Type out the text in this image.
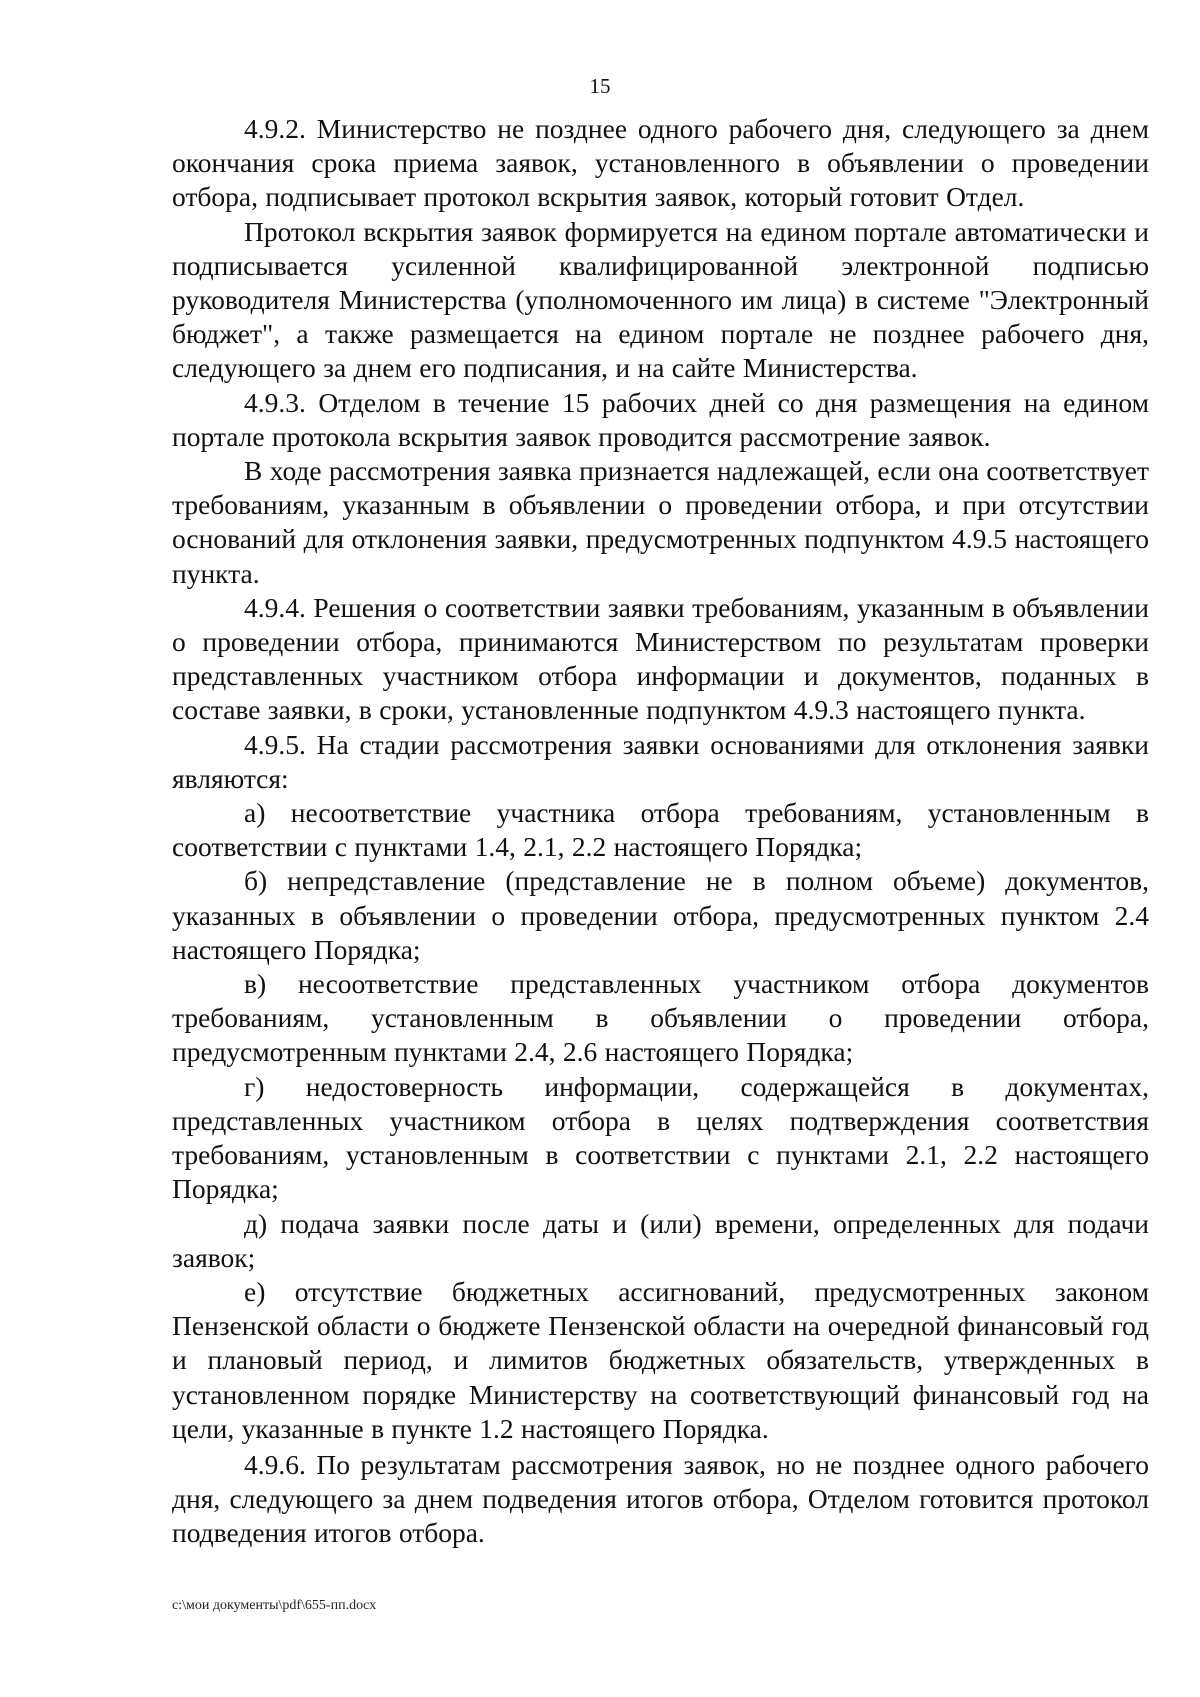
15

4.9.2. Министерство не позднее одного рабочего дня, следующего за днем окончания срока приема заявок, установленного в объявлении о проведении отбора, подписывает протокол вскрытия заявок, который готовит Отдел.

Протокол вскрытия заявок формируется на едином портале автоматически и подписывается усиленной квалифицированной электронной подписью руководителя Министерства (уполномоченного им лица) в системе "Электронный бюджет", а также размещается на едином портале не позднее рабочего дня, следующего за днем его подписания, и на сайте Министерства.

4.9.3. Отделом в течение 15 рабочих дней со дня размещения на едином портале протокола вскрытия заявок проводится рассмотрение заявок.

В ходе рассмотрения заявка признается надлежащей, если она соответствует требованиям, указанным в объявлении о проведении отбора, и при отсутствии оснований для отклонения заявки, предусмотренных подпунктом 4.9.5 настоящего пункта.

4.9.4. Решения о соответствии заявки требованиям, указанным в объявлении о проведении отбора, принимаются Министерством по результатам проверки представленных участником отбора информации и документов, поданных в составе заявки, в сроки, установленные подпунктом 4.9.3 настоящего пункта.

4.9.5. На стадии рассмотрения заявки основаниями для отклонения заявки являются:

а) несоответствие участника отбора требованиям, установленным в соответствии с пунктами 1.4, 2.1, 2.2 настоящего Порядка;

б) непредставление (представление не в полном объеме) документов, указанных в объявлении о проведении отбора, предусмотренных пунктом 2.4 настоящего Порядка;

в) несоответствие представленных участником отбора документов требованиям, установленным в объявлении о проведении отбора, предусмотренным пунктами 2.4, 2.6 настоящего Порядка;

г) недостоверность информации, содержащейся в документах, представленных участником отбора в целях подтверждения соответствия требованиям, установленным в соответствии с пунктами 2.1, 2.2 настоящего Порядка;

д) подача заявки после даты и (или) времени, определенных для подачи заявок;

е) отсутствие бюджетных ассигнований, предусмотренных законом Пензенской области о бюджете Пензенской области на очередной финансовый год и плановый период, и лимитов бюджетных обязательств, утвержденных в установленном порядке Министерству на соответствующий финансовый год на цели, указанные в пункте 1.2 настоящего Порядка.

4.9.6. По результатам рассмотрения заявок, но не позднее одного рабочего дня, следующего за днем подведения итогов отбора, Отделом готовится протокол подведения итогов отбора.

c:\мои документы\pdf\655-пп.docx
